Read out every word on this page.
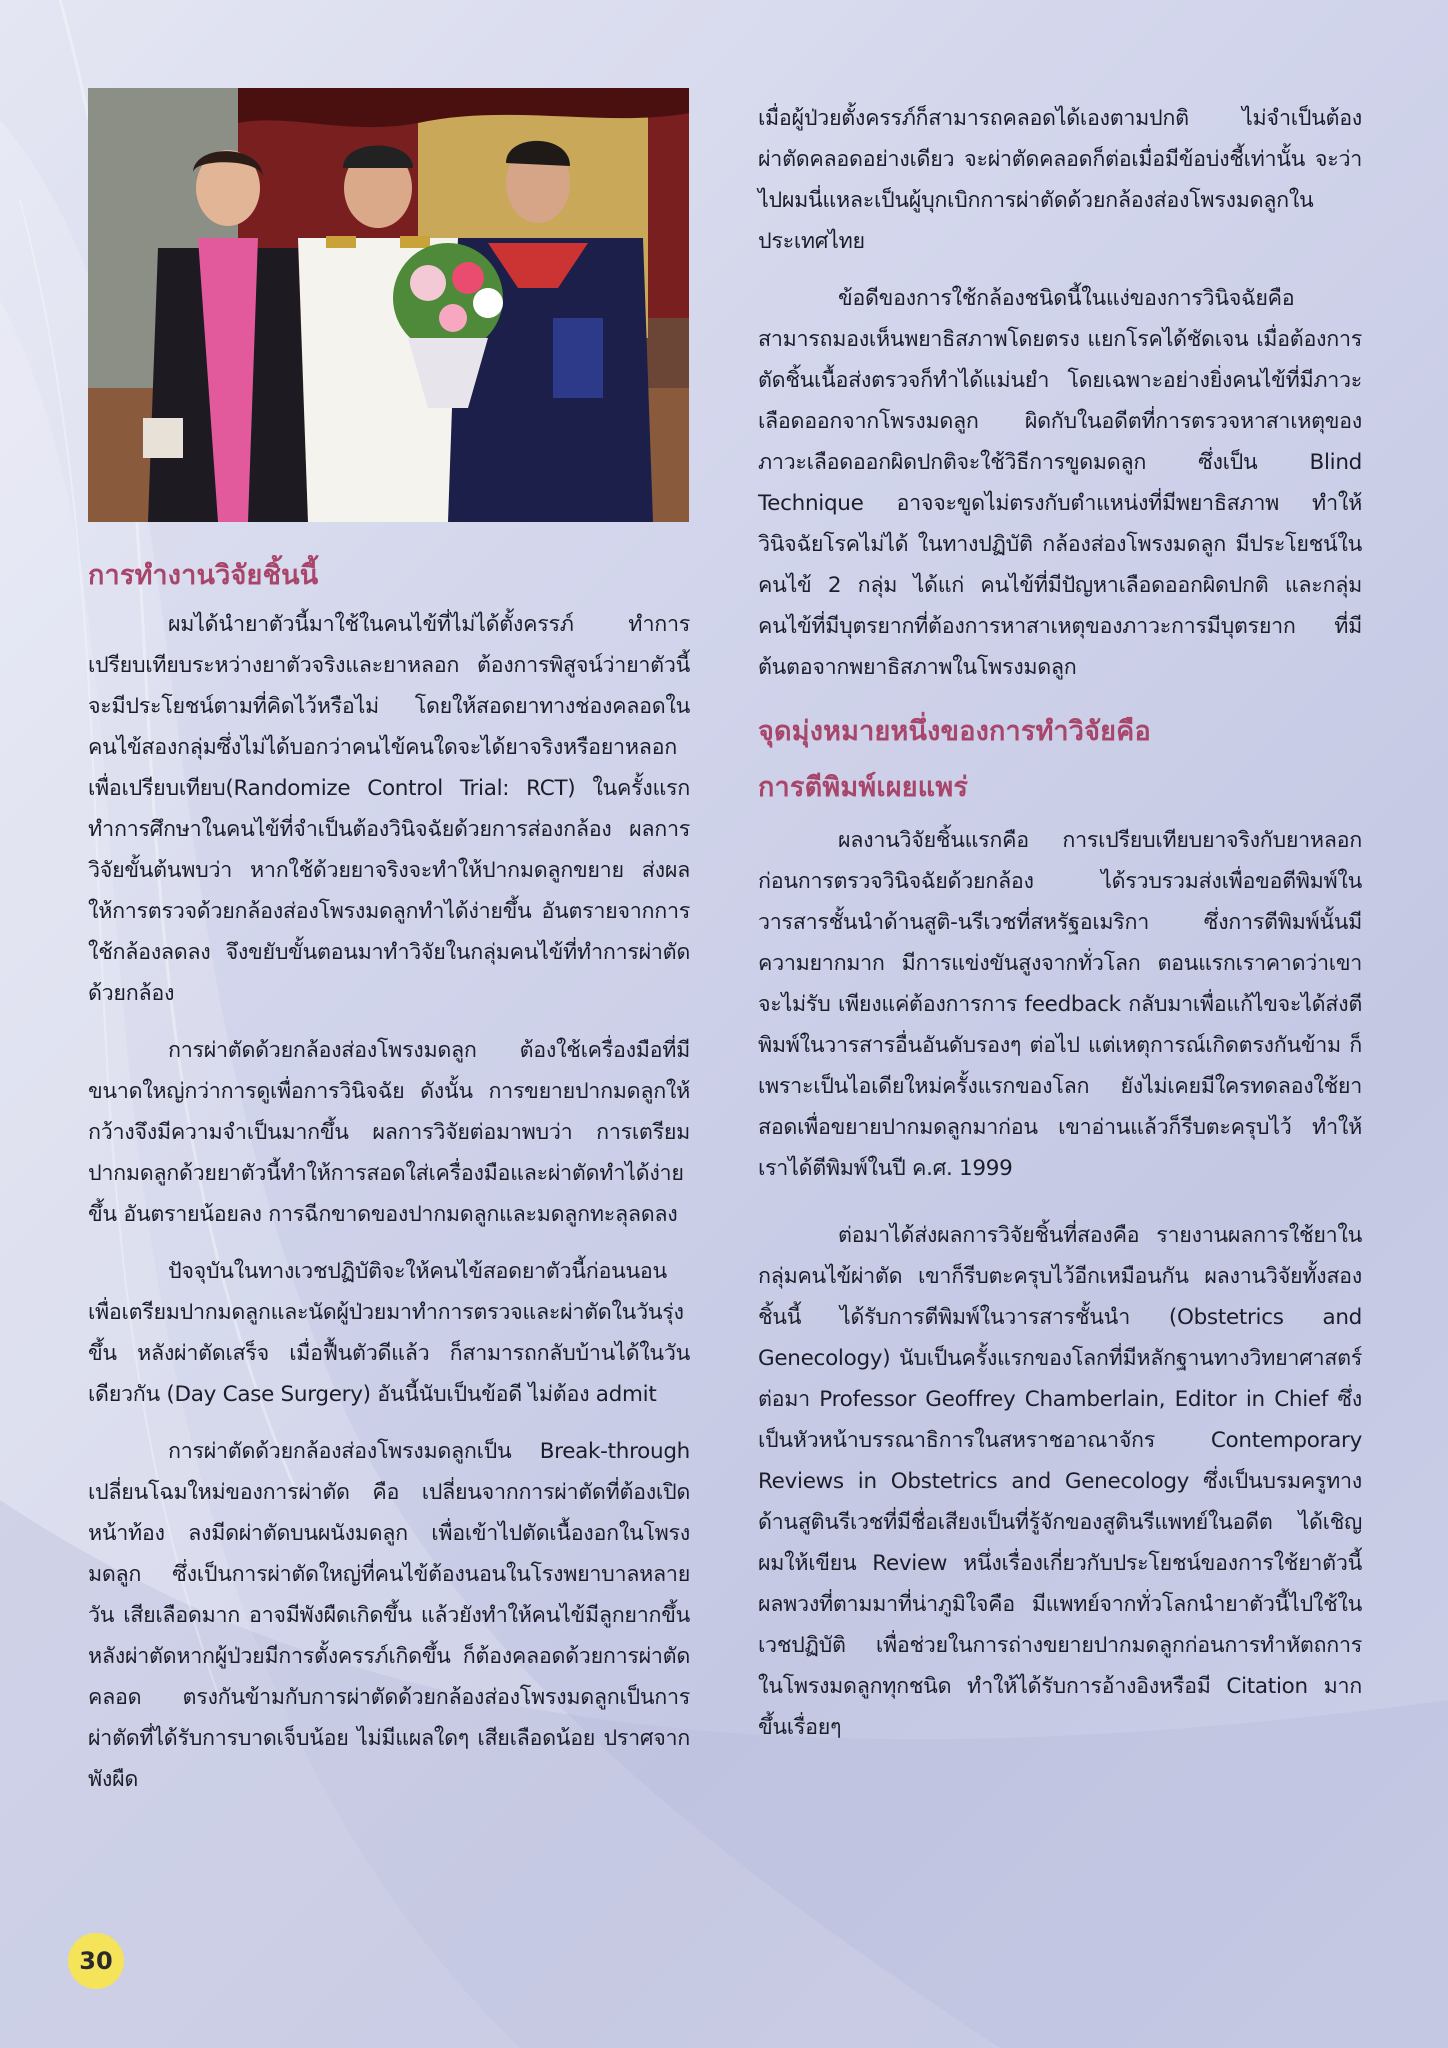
การทำงานวิจัยชิ้นนี้

ผมได้นำยาตัวนี้มาใช้ในคนไข้ที่ไม่ได้ตั้งครรภ์ ทำการเปรียบเทียบระหว่างยาตัวจริงและยาหลอก ต้องการพิสูจน์ว่ายาตัวนี้จะมีประโยชน์ตามที่คิดไว้หรือไม่ โดยให้สอดยาทางช่องคลอดในคนไข้สองกลุ่มซึ่งไม่ได้บอกว่าคนไข้คนใดจะได้ยาจริงหรือยาหลอกเพื่อเปรียบเทียบ(Randomize Control Trial: RCT) ในครั้งแรกทำการศึกษาในคนไข้ที่จำเป็นต้องวินิจฉัยด้วยการส่องกล้อง ผลการวิจัยขั้นต้นพบว่า หากใช้ด้วยยาจริงจะทำให้ปากมดลูกขยาย ส่งผลให้การตรวจด้วยกล้องส่องโพรงมดลูกทำได้ง่ายขึ้น อันตรายจากการใช้กล้องลดลง จึงขยับขั้นตอนมาทำวิจัยในกลุ่มคนไข้ที่ทำการผ่าตัดด้วยกล้อง

การผ่าตัดด้วยกล้องส่องโพรงมดลูก ต้องใช้เครื่องมือที่มีขนาดใหญ่กว่าการดูเพื่อการวินิจฉัย ดังนั้น การขยายปากมดลูกให้กว้างจึงมีความจำเป็นมากขึ้น ผลการวิจัยต่อมาพบว่า การเตรียมปากมดลูกด้วยยาตัวนี้ทำให้การสอดใส่เครื่องมือและผ่าตัดทำได้ง่ายขึ้น อันตรายน้อยลง การฉีกขาดของปากมดลูกและมดลูกทะลุลดลง

ปัจจุบันในทางเวชปฏิบัติจะให้คนไข้สอดยาตัวนี้ก่อนนอนเพื่อเตรียมปากมดลูกและนัดผู้ป่วยมาทำการตรวจและผ่าตัดในวันรุ่งขึ้น หลังผ่าตัดเสร็จ เมื่อฟื้นตัวดีแล้ว ก็สามารถกลับบ้านได้ในวันเดียวกัน (Day Case Surgery) อันนี้นับเป็นข้อดี ไม่ต้อง admit

การผ่าตัดด้วยกล้องส่องโพรงมดลูกเป็น Break-through เปลี่ยนโฉมใหม่ของการผ่าตัด คือ เปลี่ยนจากการผ่าตัดที่ต้องเปิดหน้าท้อง ลงมีดผ่าตัดบนผนังมดลูก เพื่อเข้าไปตัดเนื้องอกในโพรงมดลูก ซึ่งเป็นการผ่าตัดใหญ่ที่คนไข้ต้องนอนในโรงพยาบาลหลายวัน เสียเลือดมาก อาจมีพังผืดเกิดขึ้น แล้วยังทำให้คนไข้มีลูกยากขึ้น หลังผ่าตัดหากผู้ป่วยมีการตั้งครรภ์เกิดขึ้น ก็ต้องคลอดด้วยการผ่าตัดคลอด ตรงกันข้ามกับการผ่าตัดด้วยกล้องส่องโพรงมดลูกเป็นการผ่าตัดที่ได้รับการบาดเจ็บน้อย ไม่มีแผลใดๆ เสียเลือดน้อย ปราศจากพังผืด

เมื่อผู้ป่วยตั้งครรภ์ก็สามารถคลอดได้เองตามปกติ ไม่จำเป็นต้องผ่าตัดคลอดอย่างเดียว จะผ่าตัดคลอดก็ต่อเมื่อมีข้อบ่งชี้เท่านั้น จะว่าไปผมนี่แหละเป็นผู้บุกเบิกการผ่าตัดด้วยกล้องส่องโพรงมดลูกในประเทศไทย

ข้อดีของการใช้กล้องชนิดนี้ในแง่ของการวินิจฉัยคือ สามารถมองเห็นพยาธิสภาพโดยตรง แยกโรคได้ชัดเจน เมื่อต้องการตัดชิ้นเนื้อส่งตรวจก็ทำได้แม่นยำ โดยเฉพาะอย่างยิ่งคนไข้ที่มีภาวะเลือดออกจากโพรงมดลูก ผิดกับในอดีตที่การตรวจหาสาเหตุของภาวะเลือดออกผิดปกติจะใช้วิธีการขูดมดลูก ซึ่งเป็น Blind Technique อาจจะขูดไม่ตรงกับตำแหน่งที่มีพยาธิสภาพ ทำให้วินิจฉัยโรคไม่ได้ ในทางปฏิบัติ กล้องส่องโพรงมดลูก มีประโยชน์ในคนไข้ 2 กลุ่ม ได้แก่ คนไข้ที่มีปัญหาเลือดออกผิดปกติ และกลุ่มคนไข้ที่มีบุตรยากที่ต้องการหาสาเหตุของภาวะการมีบุตรยาก ที่มีต้นตอจากพยาธิสภาพในโพรงมดลูก

จุดมุ่งหมายหนึ่งของการทำวิจัยคือ
การตีพิมพ์เผยแพร่

ผลงานวิจัยชิ้นแรกคือ การเปรียบเทียบยาจริงกับยาหลอกก่อนการตรวจวินิจฉัยด้วยกล้อง ได้รวบรวมส่งเพื่อขอตีพิมพ์ในวารสารชั้นนำด้านสูติ-นรีเวชที่สหรัฐอเมริกา ซึ่งการตีพิมพ์นั้นมีความยากมาก มีการแข่งขันสูงจากทั่วโลก ตอนแรกเราคาดว่าเขาจะไม่รับ เพียงแค่ต้องการการ feedback กลับมาเพื่อแก้ไขจะได้ส่งตีพิมพ์ในวารสารอื่นอันดับรองๆ ต่อไป แต่เหตุการณ์เกิดตรงกันข้าม ก็เพราะเป็นไอเดียใหม่ครั้งแรกของโลก ยังไม่เคยมีใครทดลองใช้ยาสอดเพื่อขยายปากมดลูกมาก่อน เขาอ่านแล้วก็รีบตะครุบไว้ ทำให้เราได้ตีพิมพ์ในปี ค.ศ. 1999

ต่อมาได้ส่งผลการวิจัยชิ้นที่สองคือ รายงานผลการใช้ยาในกลุ่มคนไข้ผ่าตัด เขาก็รีบตะครุบไว้อีกเหมือนกัน ผลงานวิจัยทั้งสองชิ้นนี้ ได้รับการตีพิมพ์ในวารสารชั้นนำ (Obstetrics and Genecology) นับเป็นครั้งแรกของโลกที่มีหลักฐานทางวิทยาศาสตร์ ต่อมา Professor Geoffrey Chamberlain, Editor in Chief ซึ่งเป็นหัวหน้าบรรณาธิการในสหราชอาณาจักร Contemporary Reviews in Obstetrics and Genecology ซึ่งเป็นบรมครูทางด้านสูตินรีเวชที่มีชื่อเสียงเป็นที่รู้จักของสูตินรีแพทย์ในอดีต ได้เชิญผมให้เขียน Review หนึ่งเรื่องเกี่ยวกับประโยชน์ของการใช้ยาตัวนี้ ผลพวงที่ตามมาที่น่าภูมิใจคือ มีแพทย์จากทั่วโลกนำยาตัวนี้ไปใช้ในเวชปฏิบัติ เพื่อช่วยในการถ่างขยายปากมดลูกก่อนการทำหัตถการในโพรงมดลูกทุกชนิด ทำให้ได้รับการอ้างอิงหรือมี Citation มากขึ้นเรื่อยๆ

30
